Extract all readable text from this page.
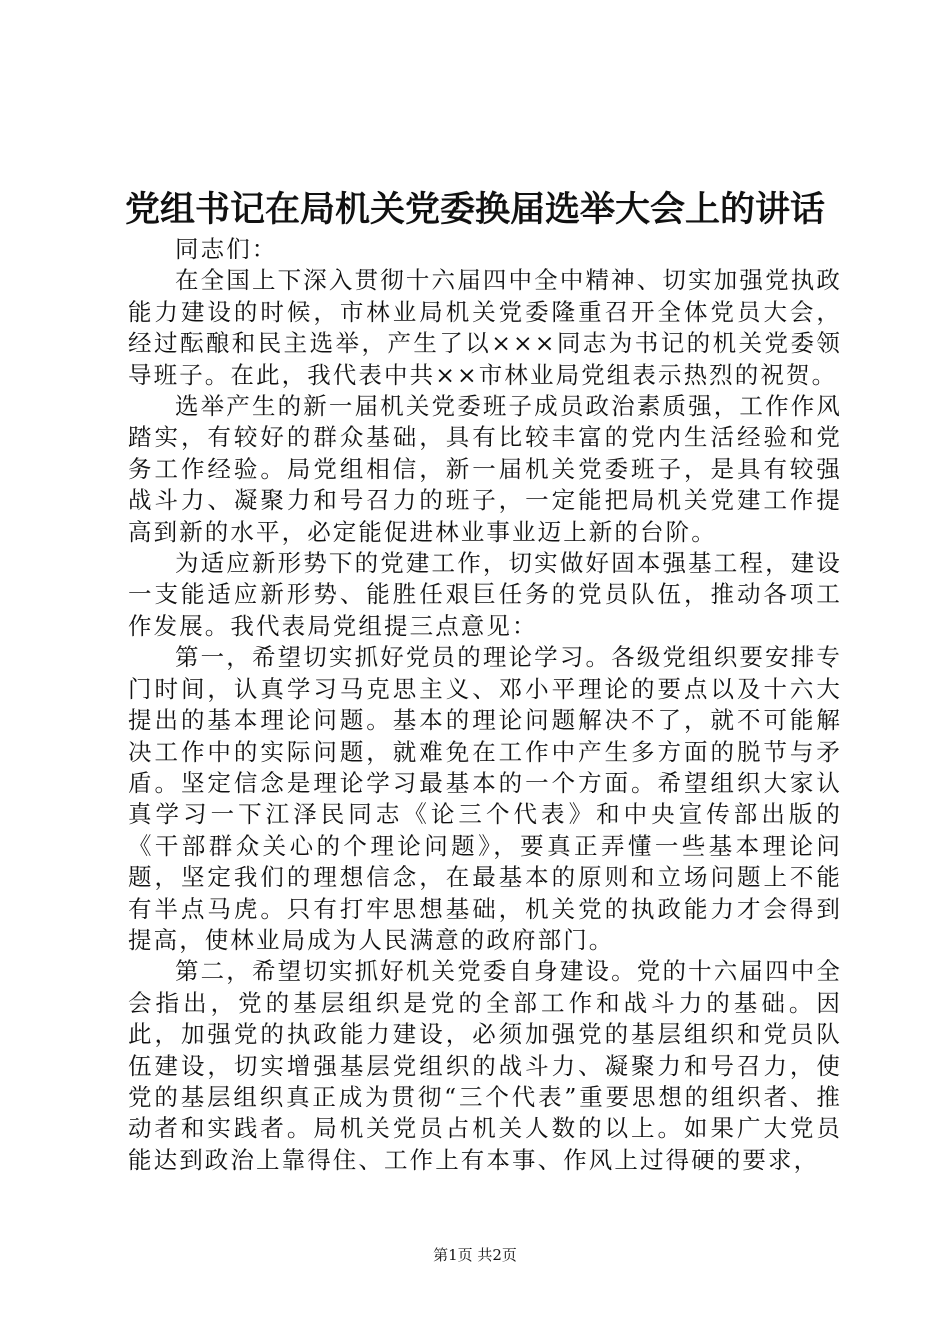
党组书记在局机关党委换届选举大会上的讲话

同志们：

在全国上下深入贯彻十六届四中全中精神、切实加强党执政能力建设的时候，市林业局机关党委隆重召开全体党员大会，经过酝酿和民主选举，产生了以×××同志为书记的机关党委领导班子。在此，我代表中共××市林业局党组表示热烈的祝贺。

选举产生的新一届机关党委班子成员政治素质强，工作作风踏实，有较好的群众基础，具有比较丰富的党内生活经验和党务工作经验。局党组相信，新一届机关党委班子，是具有较强战斗力、凝聚力和号召力的班子，一定能把局机关党建工作提高到新的水平，必定能促进林业事业迈上新的台阶。

为适应新形势下的党建工作，切实做好固本强基工程，建设一支能适应新形势、能胜任艰巨任务的党员队伍，推动各项工作发展。我代表局党组提三点意见：

第一，希望切实抓好党员的理论学习。各级党组织要安排专门时间，认真学习马克思主义、邓小平理论的要点以及十六大提出的基本理论问题。基本的理论问题解决不了，就不可能解决工作中的实际问题，就难免在工作中产生多方面的脱节与矛盾。坚定信念是理论学习最基本的一个方面。希望组织大家认真学习一下江泽民同志《论三个代表》和中央宣传部出版的《干部群众关心的个理论问题》，要真正弄懂一些基本理论问题，坚定我们的理想信念，在最基本的原则和立场问题上不能有半点马虎。只有打牢思想基础，机关党的执政能力才会得到提高，使林业局成为人民满意的政府部门。

第二，希望切实抓好机关党委自身建设。党的十六届四中全会指出，党的基层组织是党的全部工作和战斗力的基础。因此，加强党的执政能力建设，必须加强党的基层组织和党员队伍建设，切实增强基层党组织的战斗力、凝聚力和号召力，使党的基层组织真正成为贯彻“三个代表”重要思想的组织者、推动者和实践者。局机关党员占机关人数的以上。如果广大党员能达到政治上靠得住、工作上有本事、作风上过得硬的要求，

第1页 共2页
